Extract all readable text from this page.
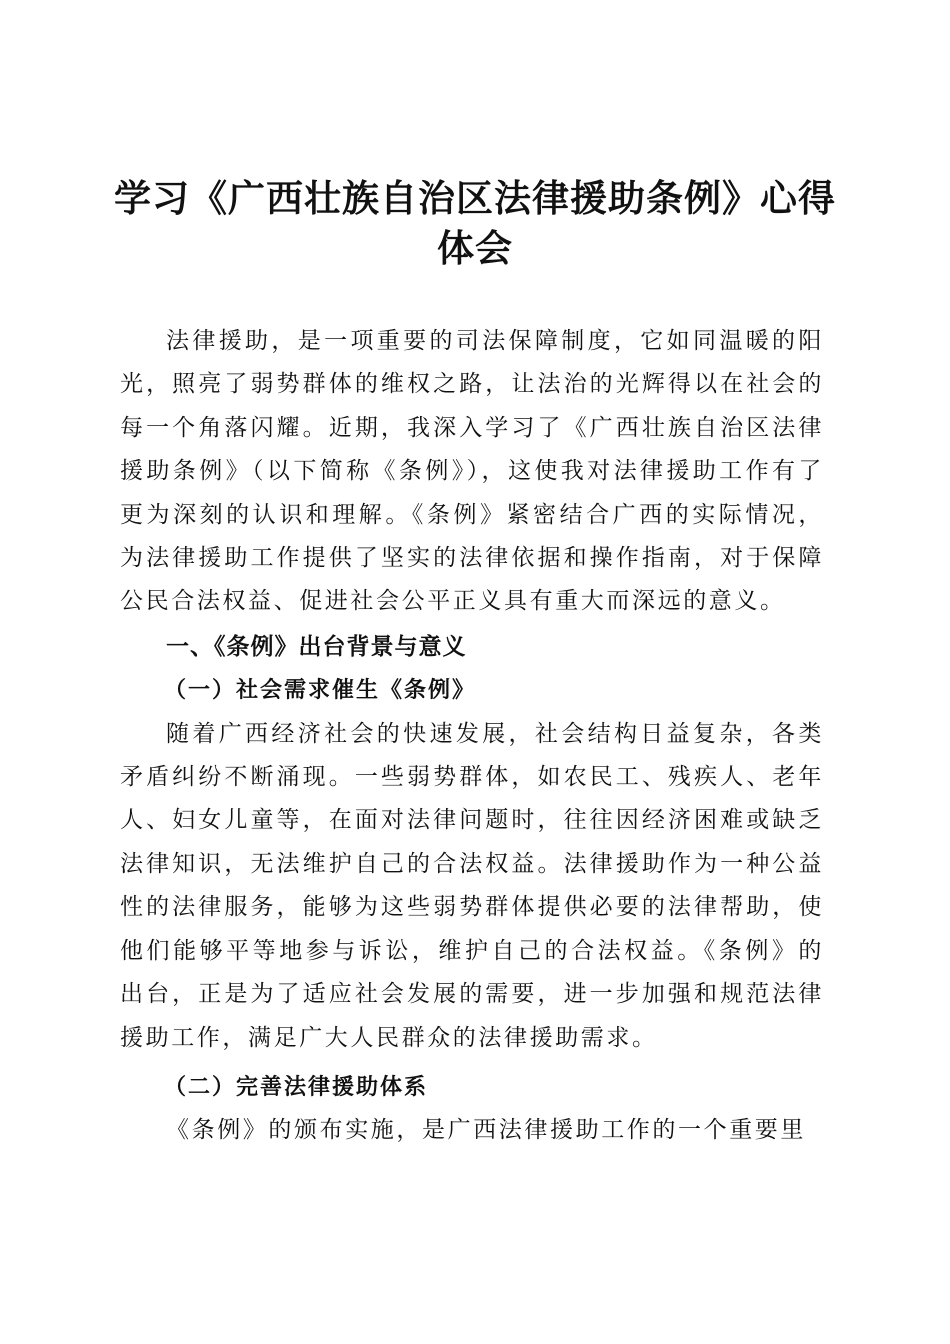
学习《广西壮族自治区法律援助条例》心得体会

法律援助，是一项重要的司法保障制度，它如同温暖的阳光，照亮了弱势群体的维权之路，让法治的光辉得以在社会的每一个角落闪耀。近期，我深入学习了《广西壮族自治区法律援助条例》（以下简称《条例》），这使我对法律援助工作有了更为深刻的认识和理解。《条例》紧密结合广西的实际情况，为法律援助工作提供了坚实的法律依据和操作指南，对于保障公民合法权益、促进社会公平正义具有重大而深远的意义。

一、《条例》出台背景与意义

（一）社会需求催生《条例》

随着广西经济社会的快速发展，社会结构日益复杂，各类矛盾纠纷不断涌现。一些弱势群体，如农民工、残疾人、老年人、妇女儿童等，在面对法律问题时，往往因经济困难或缺乏法律知识，无法维护自己的合法权益。法律援助作为一种公益性的法律服务，能够为这些弱势群体提供必要的法律帮助，使他们能够平等地参与诉讼，维护自己的合法权益。《条例》的出台，正是为了适应社会发展的需要，进一步加强和规范法律援助工作，满足广大人民群众的法律援助需求。

（二）完善法律援助体系

《条例》的颁布实施，是广西法律援助工作的一个重要里
